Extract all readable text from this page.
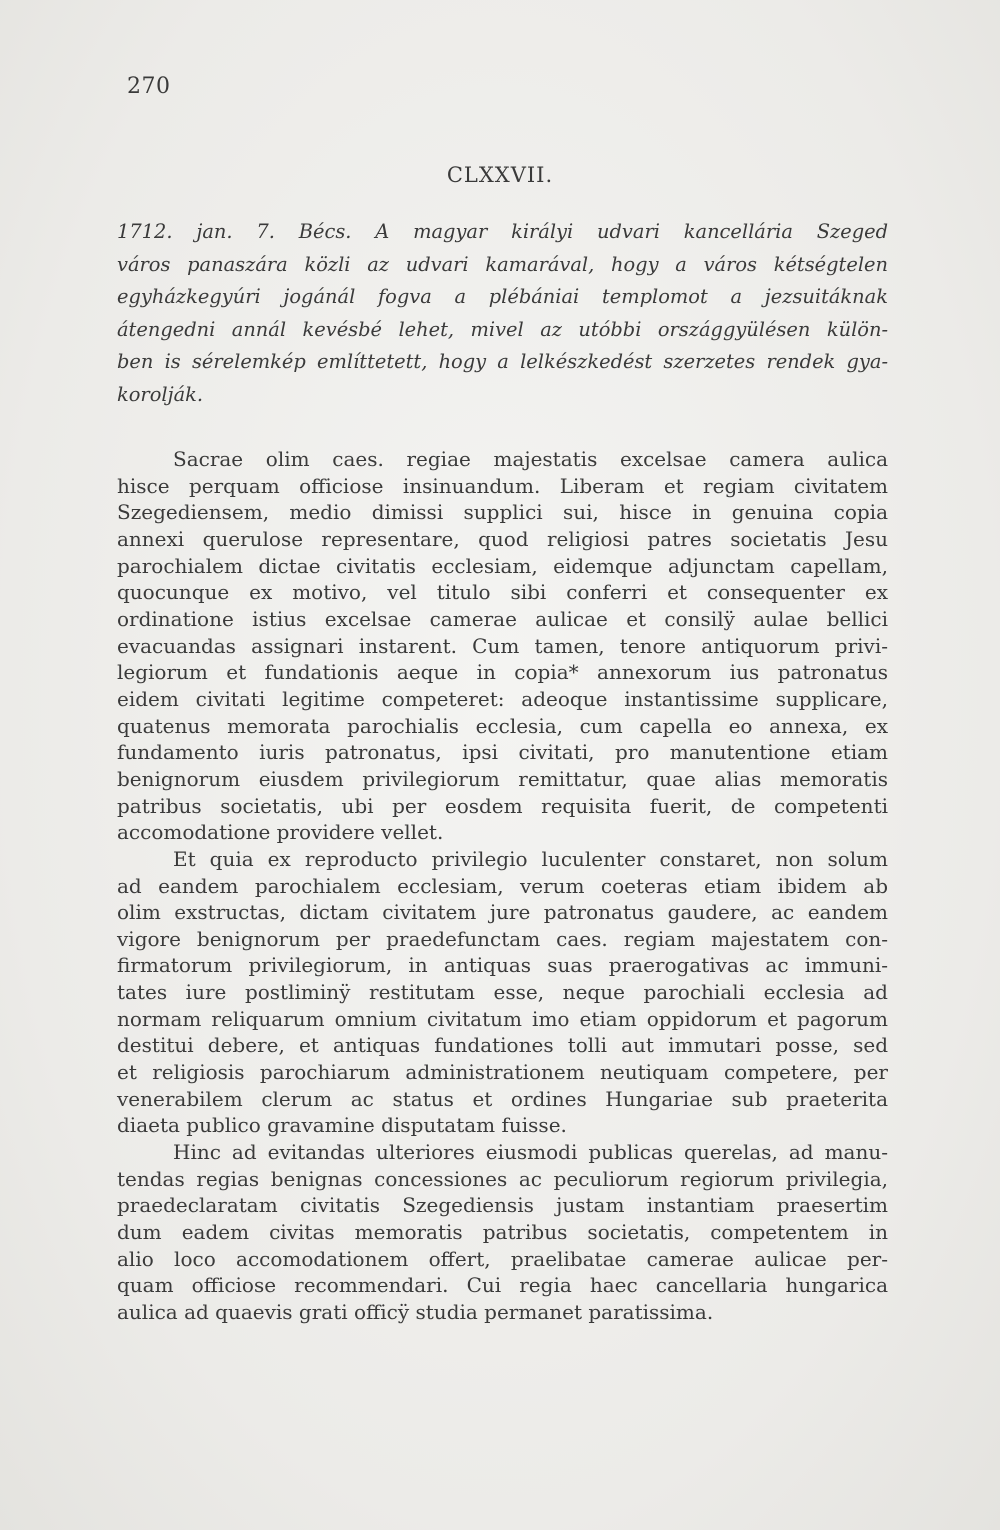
270
CLXXVII.
1712. jan. 7. Bécs. A magyar királyi udvari kancellária Szeged
város panaszára közli az udvari kamarával, hogy a város kétségtelen
egyházkegyúri jogánál fogva a plébániai templomot a jezsuitáknak
átengedni annál kevésbé lehet, mivel az utóbbi országgyülésen külön-
ben is sérelemkép említtetett, hogy a lelkészkedést szerzetes rendek gya-
korolják.
Sacrae olim caes. regiae majestatis excelsae camera aulica
hisce perquam officiose insinuandum. Liberam et regiam civitatem
Szegediensem, medio dimissi supplici sui, hisce in genuina copia
annexi querulose representare, quod religiosi patres societatis Jesu
parochialem dictae civitatis ecclesiam, eidemque adjunctam capellam,
quocunque ex motivo, vel titulo sibi conferri et consequenter ex
ordinatione istius excelsae camerae aulicae et consilÿ aulae bellici
evacuandas assignari instarent. Cum tamen, tenore antiquorum privi-
legiorum et fundationis aeque in copia* annexorum ius patronatus
eidem civitati legitime competeret: adeoque instantissime supplicare,
quatenus memorata parochialis ecclesia, cum capella eo annexa, ex
fundamento iuris patronatus, ipsi civitati, pro manutentione etiam
benignorum eiusdem privilegiorum remittatur, quae alias memoratis
patribus societatis, ubi per eosdem requisita fuerit, de competenti
accomodatione providere vellet.
Et quia ex reproducto privilegio luculenter constaret, non solum
ad eandem parochialem ecclesiam, verum coeteras etiam ibidem ab
olim exstructas, dictam civitatem jure patronatus gaudere, ac eandem
vigore benignorum per praedefunctam caes. regiam majestatem con-
firmatorum privilegiorum, in antiquas suas praerogativas ac immuni-
tates iure postliminÿ restitutam esse, neque parochiali ecclesia ad
normam reliquarum omnium civitatum imo etiam oppidorum et pagorum
destitui debere, et antiquas fundationes tolli aut immutari posse, sed
et religiosis parochiarum administrationem neutiquam competere, per
venerabilem clerum ac status et ordines Hungariae sub praeterita
diaeta publico gravamine disputatam fuisse.
Hinc ad evitandas ulteriores eiusmodi publicas querelas, ad manu-
tendas regias benignas concessiones ac peculiorum regiorum privilegia,
praedeclaratam civitatis Szegediensis justam instantiam praesertim
dum eadem civitas memoratis patribus societatis, competentem in
alio loco accomodationem offert, praelibatae camerae aulicae per-
quam officiose recommendari. Cui regia haec cancellaria hungarica
aulica ad quaevis grati officÿ studia permanet paratissima.
